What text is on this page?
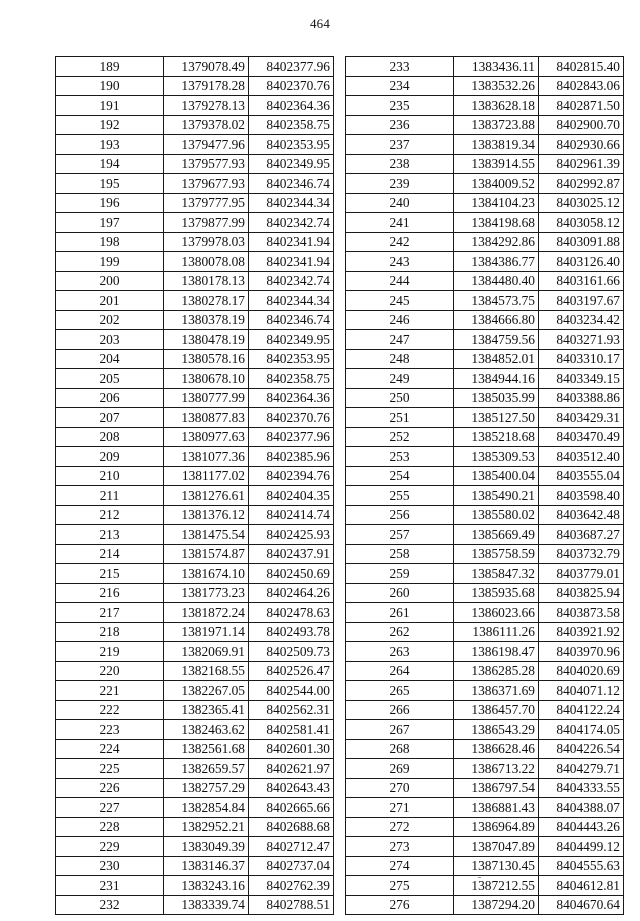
464
189	1379078.49	8402377.96
190	1379178.28	8402370.76
191	1379278.13	8402364.36
192	1379378.02	8402358.75
193	1379477.96	8402353.95
194	1379577.93	8402349.95
195	1379677.93	8402346.74
196	1379777.95	8402344.34
197	1379877.99	8402342.74
198	1379978.03	8402341.94
199	1380078.08	8402341.94
200	1380178.13	8402342.74
201	1380278.17	8402344.34
202	1380378.19	8402346.74
203	1380478.19	8402349.95
204	1380578.16	8402353.95
205	1380678.10	8402358.75
206	1380777.99	8402364.36
207	1380877.83	8402370.76
208	1380977.63	8402377.96
209	1381077.36	8402385.96
210	1381177.02	8402394.76
211	1381276.61	8402404.35
212	1381376.12	8402414.74
213	1381475.54	8402425.93
214	1381574.87	8402437.91
215	1381674.10	8402450.69
216	1381773.23	8402464.26
217	1381872.24	8402478.63
218	1381971.14	8402493.78
219	1382069.91	8402509.73
220	1382168.55	8402526.47
221	1382267.05	8402544.00
222	1382365.41	8402562.31
223	1382463.62	8402581.41
224	1382561.68	8402601.30
225	1382659.57	8402621.97
226	1382757.29	8402643.43
227	1382854.84	8402665.66
228	1382952.21	8402688.68
229	1383049.39	8402712.47
230	1383146.37	8402737.04
231	1383243.16	8402762.39
232	1383339.74	8402788.51
233	1383436.11	8402815.40
234	1383532.26	8402843.06
235	1383628.18	8402871.50
236	1383723.88	8402900.70
237	1383819.34	8402930.66
238	1383914.55	8402961.39
239	1384009.52	8402992.87
240	1384104.23	8403025.12
241	1384198.68	8403058.12
242	1384292.86	8403091.88
243	1384386.77	8403126.40
244	1384480.40	8403161.66
245	1384573.75	8403197.67
246	1384666.80	8403234.42
247	1384759.56	8403271.93
248	1384852.01	8403310.17
249	1384944.16	8403349.15
250	1385035.99	8403388.86
251	1385127.50	8403429.31
252	1385218.68	8403470.49
253	1385309.53	8403512.40
254	1385400.04	8403555.04
255	1385490.21	8403598.40
256	1385580.02	8403642.48
257	1385669.49	8403687.27
258	1385758.59	8403732.79
259	1385847.32	8403779.01
260	1385935.68	8403825.94
261	1386023.66	8403873.58
262	1386111.26	8403921.92
263	1386198.47	8403970.96
264	1386285.28	8404020.69
265	1386371.69	8404071.12
266	1386457.70	8404122.24
267	1386543.29	8404174.05
268	1386628.46	8404226.54
269	1386713.22	8404279.71
270	1386797.54	8404333.55
271	1386881.43	8404388.07
272	1386964.89	8404443.26
273	1387047.89	8404499.12
274	1387130.45	8404555.63
275	1387212.55	8404612.81
276	1387294.20	8404670.64
